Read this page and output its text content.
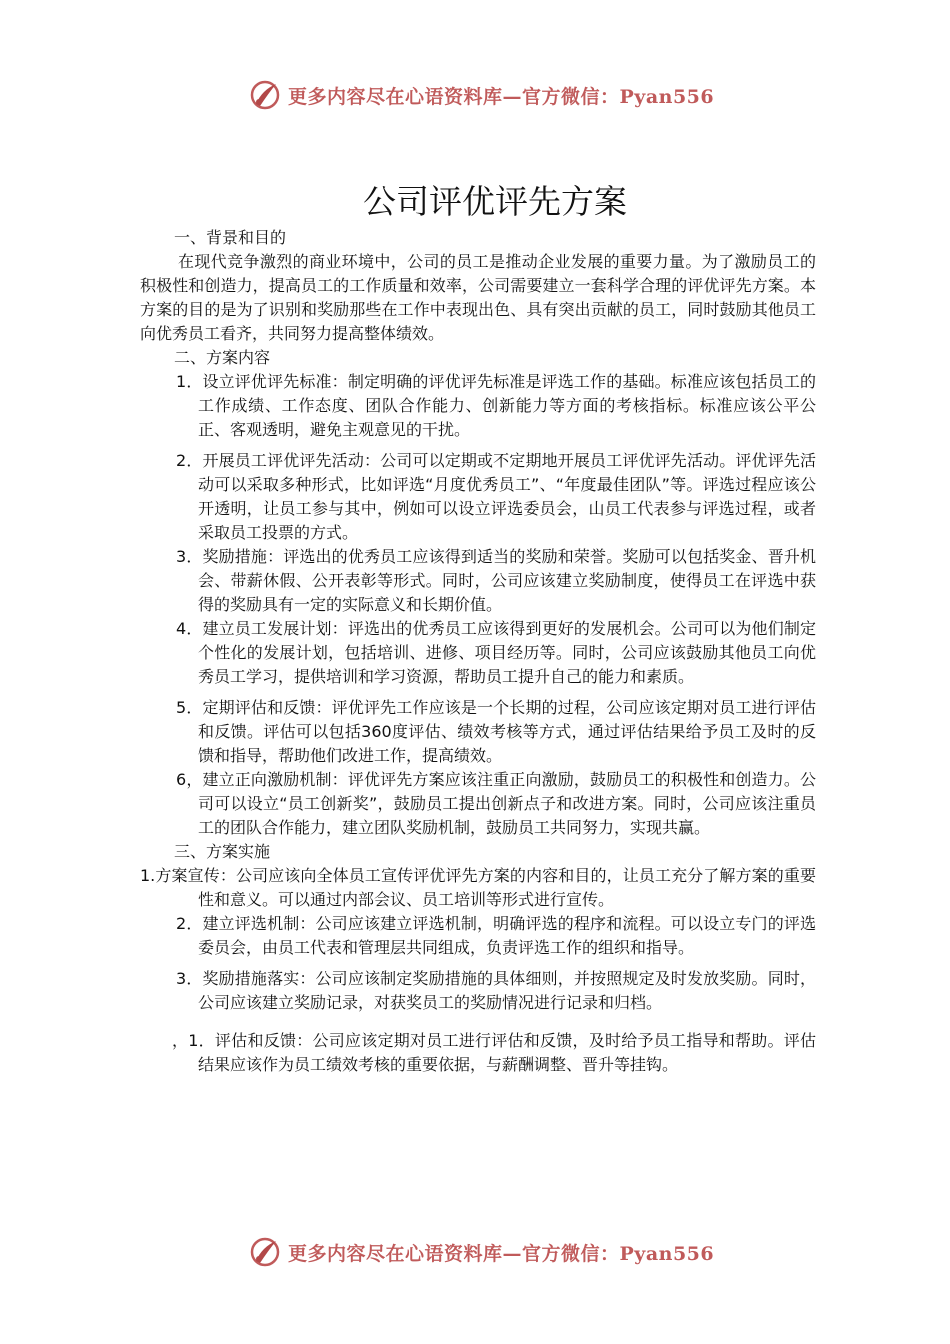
更多内容尽在心语资料库—官方微信：Pyan556
公司评优评先方案
一、背景和目的
在现代竞争激烈的商业环境中，公司的员工是推动企业发展的重要力量。为了激励员工的积极性和创造力，提高员工的工作质量和效率，公司需要建立一套科学合理的评优评先方案。本方案的目的是为了识别和奖励那些在工作中表现出色、具有突出贡献的员工，同时鼓励其他员工向优秀员工看齐，共同努力提高整体绩效。
二、方案内容
1．设立评优评先标准：制定明确的评优评先标准是评选工作的基础。标准应该包括员工的工作成绩、工作态度、团队合作能力、创新能力等方面的考核指标。标准应该公平公正、客观透明，避免主观意见的干扰。
2．开展员工评优评先活动：公司可以定期或不定期地开展员工评优评先活动。评优评先活动可以采取多种形式，比如评选“月度优秀员工”、“年度最佳团队”等。评选过程应该公开透明，让员工参与其中，例如可以设立评选委员会，山员工代表参与评选过程，或者采取员工投票的方式。
3．奖励措施：评选出的优秀员工应该得到适当的奖励和荣誉。奖励可以包括奖金、晋升机会、带薪休假、公开表彰等形式。同时，公司应该建立奖励制度，使得员工在评选中获得的奖励具有一定的实际意义和长期价值。
4．建立员工发展计划：评选出的优秀员工应该得到更好的发展机会。公司可以为他们制定个性化的发展计划，包括培训、进修、项目经历等。同时，公司应该鼓励其他员工向优秀员工学习，提供培训和学习资源，帮助员工提升自己的能力和素质。
5．定期评估和反馈：评优评先工作应该是一个长期的过程，公司应该定期对员工进行评估和反馈。评估可以包括360度评估、绩效考核等方式，通过评估结果给予员工及时的反馈和指导，帮助他们改进工作，提高绩效。
6，建立正向激励机制：评优评先方案应该注重正向激励，鼓励员工的积极性和创造力。公司可以设立“员工创新奖”，鼓励员工提出创新点子和改进方案。同时，公司应该注重员工的团队合作能力，建立团队奖励机制，鼓励员工共同努力，实现共赢。
三、方案实施
1.方案宣传：公司应该向全体员工宣传评优评先方案的内容和目的，让员工充分了解方案的重要性和意义。可以通过内部会议、员工培训等形式进行宣传。
2．建立评选机制：公司应该建立评选机制，明确评选的程序和流程。可以设立专门的评选委员会，由员工代表和管理层共同组成，负责评选工作的组织和指导。
3．奖励措施落实：公司应该制定奖励措施的具体细则，并按照规定及时发放奖励。同时，公司应该建立奖励记录，对获奖员工的奖励情况进行记录和归档。
，1．评估和反馈：公司应该定期对员工进行评估和反馈，及时给予员工指导和帮助。评估结果应该作为员工绩效考核的重要依据，与薪酬调整、晋升等挂钩。
更多内容尽在心语资料库—官方微信：Pyan556
